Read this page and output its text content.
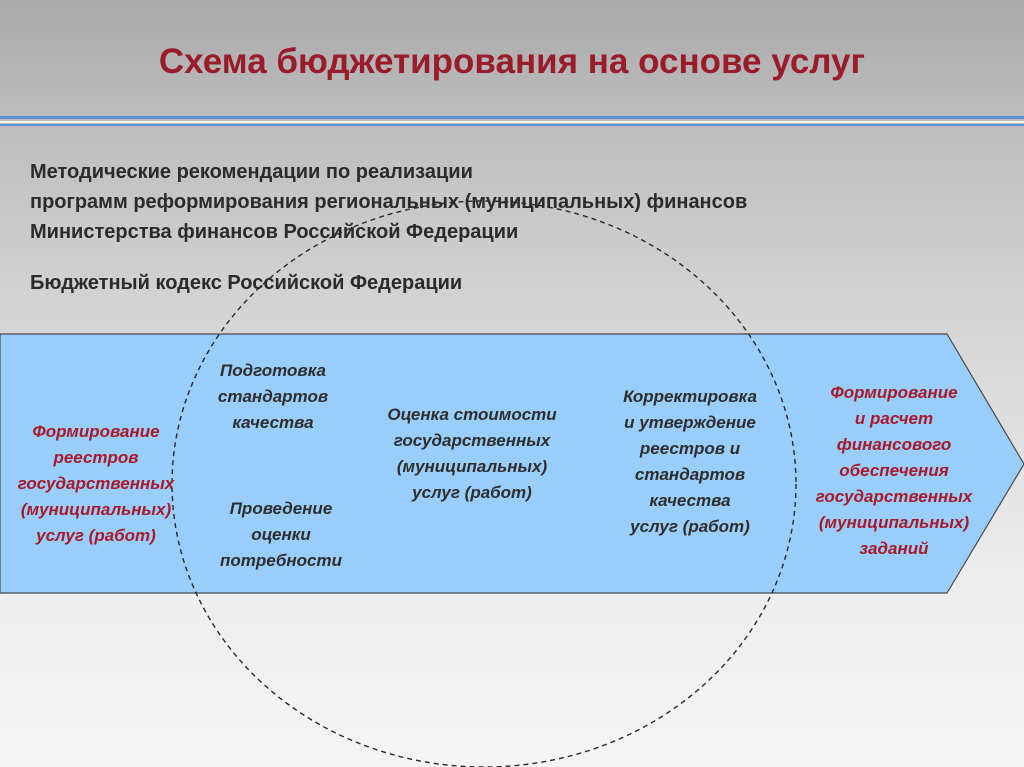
Схема бюджетирования на основе услуг
Методические рекомендации по реализации
программ реформирования региональных (муниципальных) финансов
Министерства финансов Российской Федерации
Бюджетный кодекс Российской Федерации
Формирование
реестров
государственных
(муниципальных)
услуг (работ)
Подготовка
стандартов
качества
Проведение
оценки
потребности
Оценка стоимости
государственных
(муниципальных)
услуг (работ)
Корректировка
и утверждение
реестров и
стандартов
качества
услуг (работ)
Формирование
и расчет
финансового
обеспечения
государственных
(муниципальных)
заданий
